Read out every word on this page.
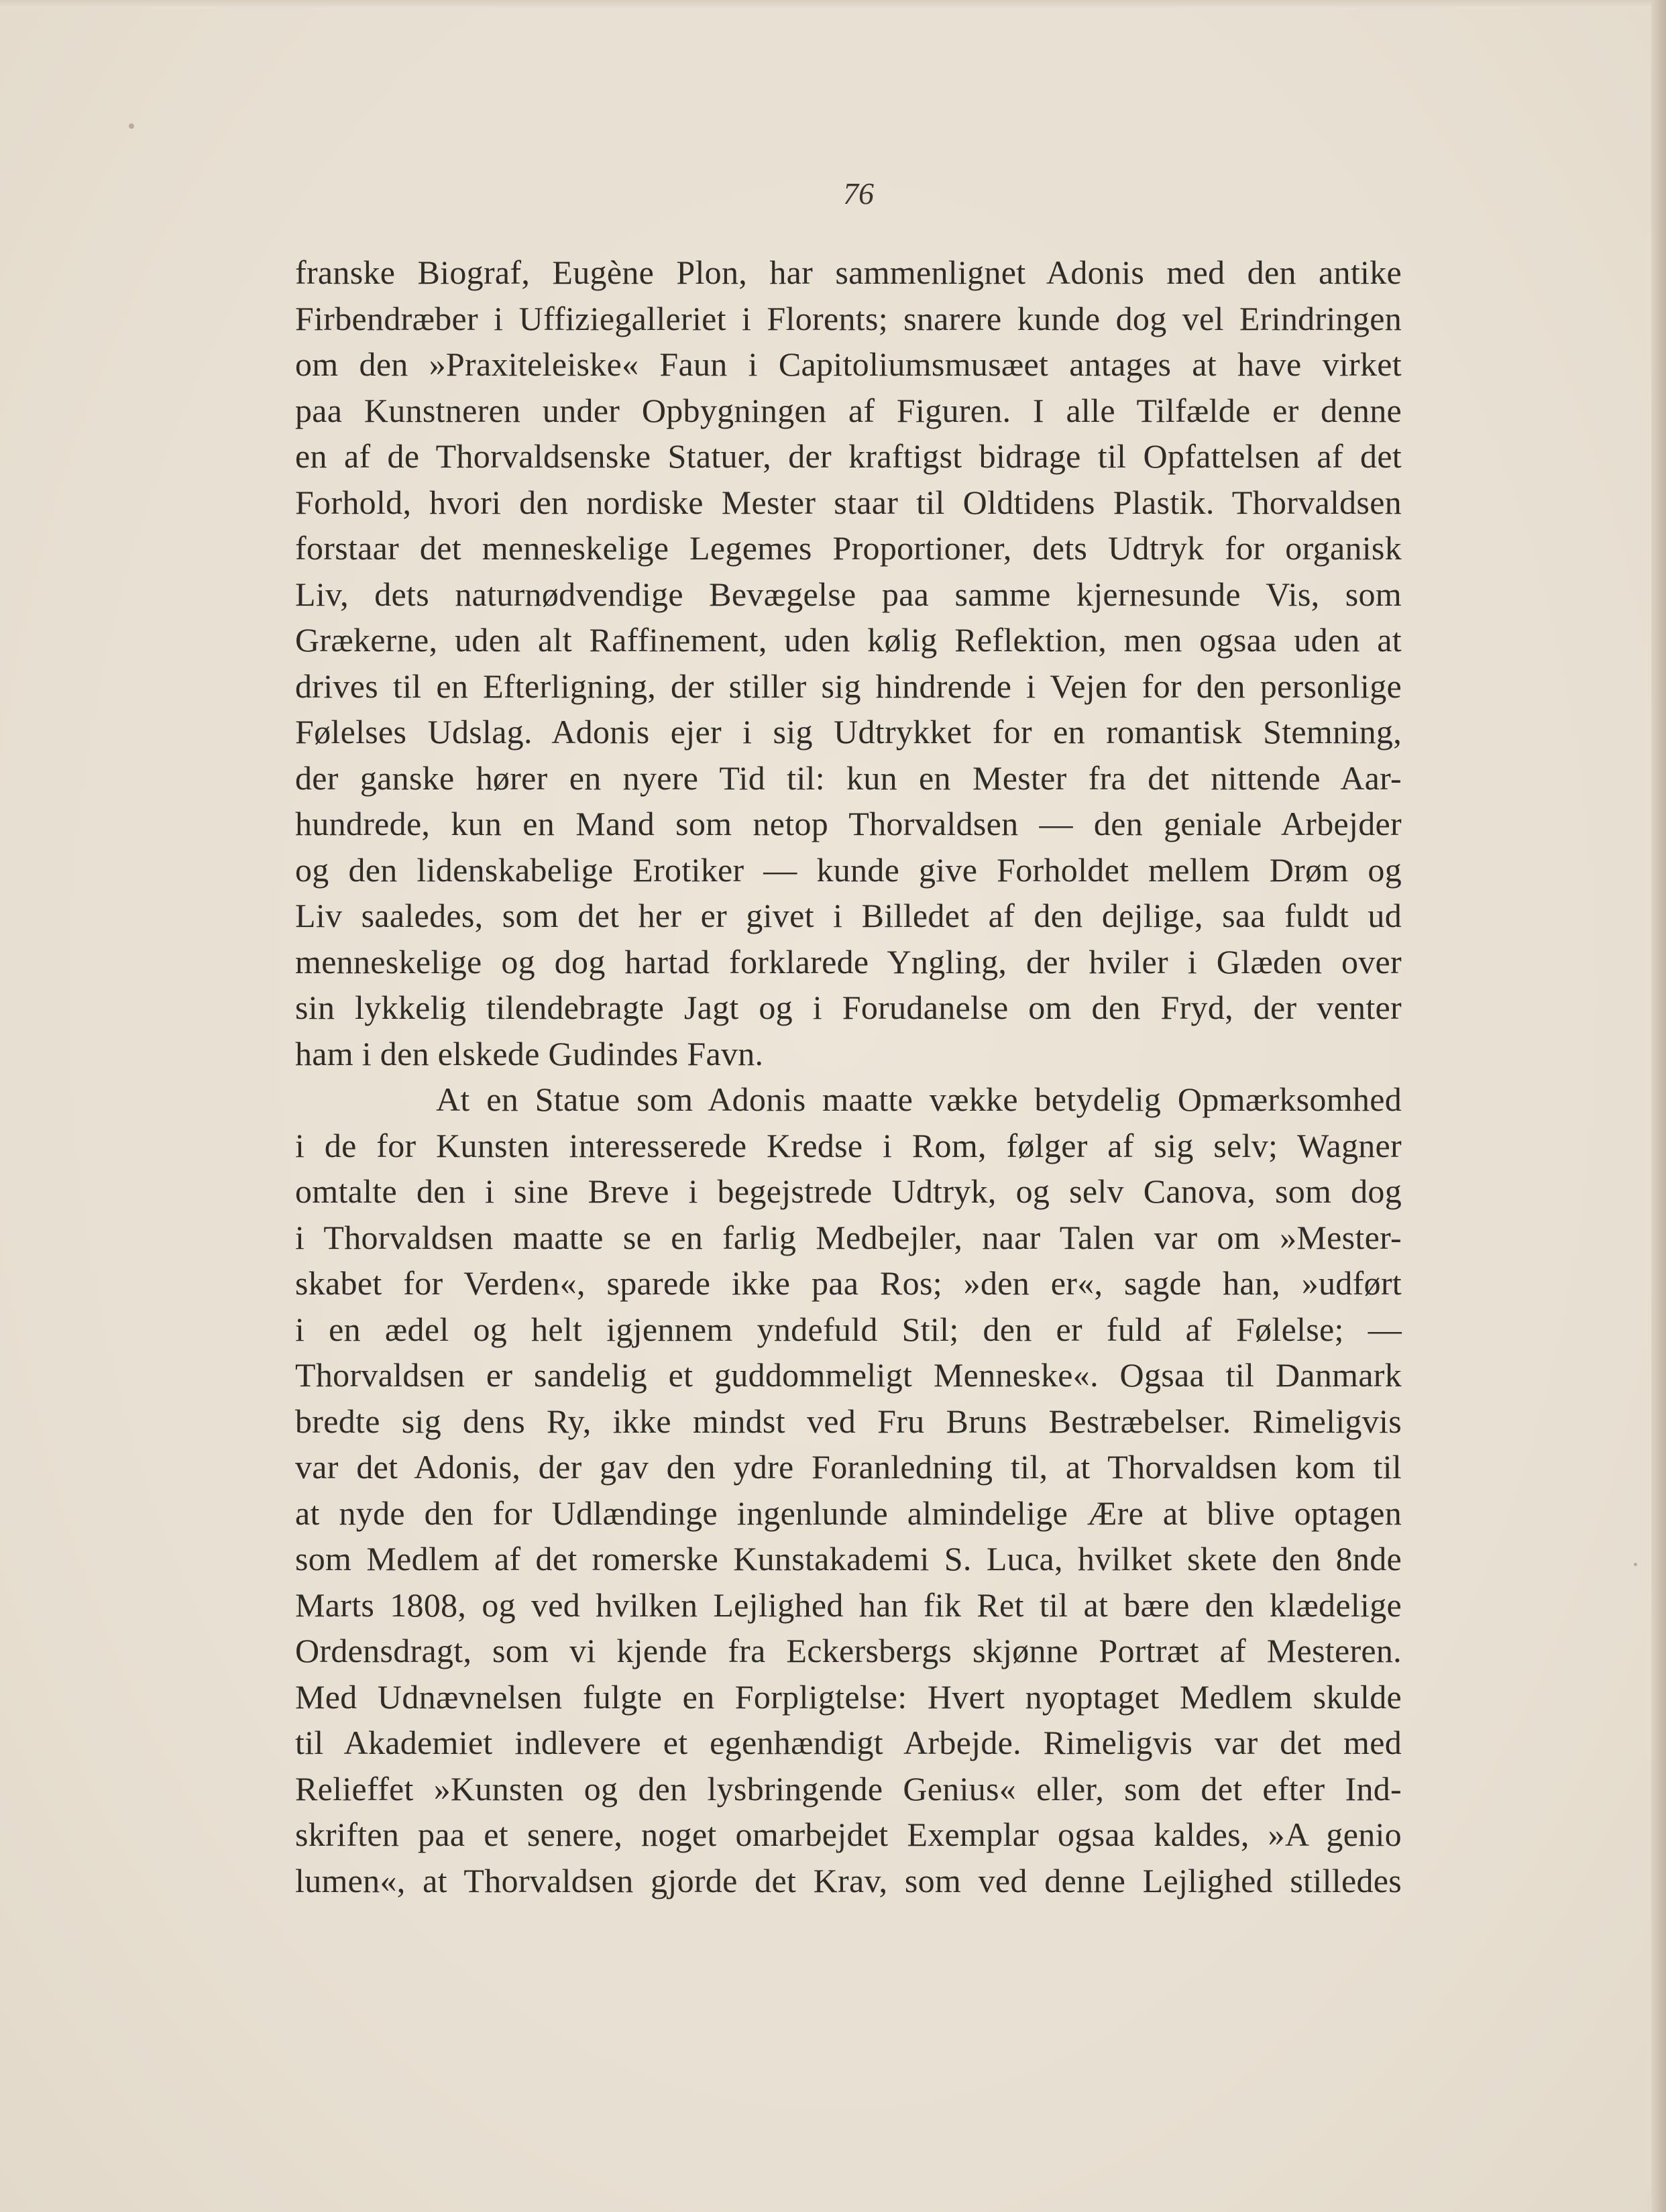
76
franske Biograf, Eugène Plon, har sammenlignet Adonis med den antike
Firbendræber i Uffiziegalleriet i Florents; snarere kunde dog vel Erindringen
om den »Praxiteleiske« Faun i Capitoliumsmusæet antages at have virket
paa Kunstneren under Opbygningen af Figuren. I alle Tilfælde er denne
en af de Thorvaldsenske Statuer, der kraftigst bidrage til Opfattelsen af det
Forhold, hvori den nordiske Mester staar til Oldtidens Plastik. Thorvaldsen
forstaar det menneskelige Legemes Proportioner, dets Udtryk for organisk
Liv, dets naturnødvendige Bevægelse paa samme kjernesunde Vis, som
Grækerne, uden alt Raffinement, uden kølig Reflektion, men ogsaa uden at
drives til en Efterligning, der stiller sig hindrende i Vejen for den personlige
Følelses Udslag. Adonis ejer i sig Udtrykket for en romantisk Stemning,
der ganske hører en nyere Tid til: kun en Mester fra det nittende Aar-
hundrede, kun en Mand som netop Thorvaldsen — den geniale Arbejder
og den lidenskabelige Erotiker — kunde give Forholdet mellem Drøm og
Liv saaledes, som det her er givet i Billedet af den dejlige, saa fuldt ud
menneskelige og dog hartad forklarede Yngling, der hviler i Glæden over
sin lykkelig tilendebragte Jagt og i Forudanelse om den Fryd, der venter
ham i den elskede Gudindes Favn.
At en Statue som Adonis maatte vække betydelig Opmærksomhed
i de for Kunsten interesserede Kredse i Rom, følger af sig selv; Wagner
omtalte den i sine Breve i begejstrede Udtryk, og selv Canova, som dog
i Thorvaldsen maatte se en farlig Medbejler, naar Talen var om »Mester-
skabet for Verden«, sparede ikke paa Ros; »den er«, sagde han, »udført
i en ædel og helt igjennem yndefuld Stil; den er fuld af Følelse; —
Thorvaldsen er sandelig et guddommeligt Menneske«. Ogsaa til Danmark
bredte sig dens Ry, ikke mindst ved Fru Bruns Bestræbelser. Rimeligvis
var det Adonis, der gav den ydre Foranledning til, at Thorvaldsen kom til
at nyde den for Udlændinge ingenlunde almindelige Ære at blive optagen
som Medlem af det romerske Kunstakademi S. Luca, hvilket skete den 8nde
Marts 1808, og ved hvilken Lejlighed han fik Ret til at bære den klædelige
Ordensdragt, som vi kjende fra Eckersbergs skjønne Portræt af Mesteren.
Med Udnævnelsen fulgte en Forpligtelse: Hvert nyoptaget Medlem skulde
til Akademiet indlevere et egenhændigt Arbejde. Rimeligvis var det med
Relieffet »Kunsten og den lysbringende Genius« eller, som det efter Ind-
skriften paa et senere, noget omarbejdet Exemplar ogsaa kaldes, »A genio
lumen«, at Thorvaldsen gjorde det Krav, som ved denne Lejlighed stilledes
